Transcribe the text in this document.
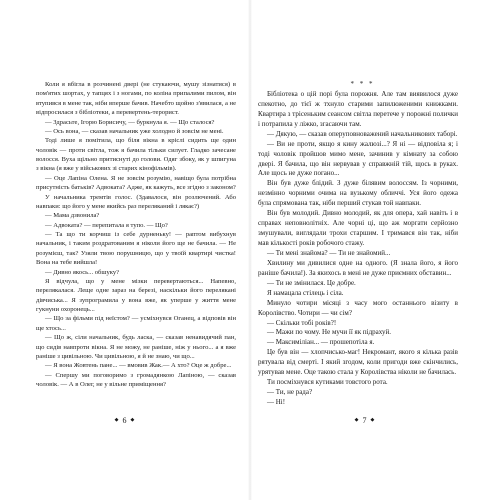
Коли я вбігла в розчинені двері (не стукаючи, мушу зізнатися) в пом'ятих шортах, у тапцях і з ногами, по коліна припалими пилом, він втупився в мене так, ніби вперше бачив. Начебто щойно з'явилася, а не відпросилася з бібліотеки, а перевертень-терорист.

— Здрасьте, Ігорю Борисичу, — буркнула я. — Що сталося?

— Ось вона, — сказав начальник уже холодно й зовсім не мені.

Тоді лише я помітила, що біля вікна в кріслі сидить ще один чоловік — проти світла, тож я бачила тільки силует. Гладко зачесане волосся. Вуха щільно притиснуті до голови. Одяг збоку, як у шпигуна з вікна (я вже у військових зі старих кінофільмів).

— Оце Лапіна Олена. Я не зовсім розумію, навіщо була потрібна присутність батьків? Адвоката? Адже, як кажуть, все згідно з законом?

У начальника тремтів голос. (Здавалося, він розлючений. Або навпаки: що його у мене якийсь раз переляканий і лякає?)

— Мама дзвонила?

— Адвоката? — перепитала я тупо. — Що?

— Та що ти корчиш із себе дурненьку! — раптом вибухнув начальник, і таким роздратованим я ніколи його ще не бачила. — Не розумієш, так? Узяли твою порушницю, що у твоїй квартирі чистка! Вона на тебе вийшла!

— Дивно якось... обшуку?

Я відчула, що у мене мізки перевертаються... Напевно, перелякалася. Леще одне зараз на березі, наскільки його перелякані дівчиська... Я зупрограмила у вона вже, як уперше у життя мене гукнуни охоронець...

— Що за фільми під неїстом? — усміхнувся Оганец, а відповів він ще хтось...

— Що ж, сіли начальник, будь ласка, — сказав ненавидячий пан, що сидів навпроти вікна. Я не можу, не раніше, ніж у нього... а я вже раніше з цивільною. Чи цивільною, я й не знаю, чи що...

— Я вона Жовтень пане... — вмовив Жак.— А хто? Оце ж добре...

— Спершу ми поговоримо з громадянкою Лапіною, — сказав чоловік. — А в Олег, не у вільне приміщення?

◆ 6 ◆

* * *

Бібліотека о цій порі була порожня. Але там виявилося дуже спекотно, до тієї ж тхнуло старими запилюженими книжками. Квартира з трісеньким сеансом світла перетече у порожні полички і потрапила у ліжко, згасаючи там.

— Дякую, — сказав оперуповноважений начальникових таборі.

— Ви не проти, якщо я кину жалюзі...? Я ні — відповіла я; і тоді чоловік пройшов мимо мене, зачинив у кімнату за собою двері. Я бачила, що він нервував у справжній тій, щось в руках. Але щось не дуже погано...

Він був дуже блідий. З дуже білявим волоссям. Із чорними, незмінно чорними очима на вузькому обличчі. Уся його одежа була спрямована так, ніби перший стукав той навпаки.

Він був молодий. Дивно молодий, як для опера, хай навіть і в справах неповнолітніх. Але чорні ці, що аж моргати серйозно змушували, виглядали трохи старшим. І тримався він так, ніби мав кількості років робочого стажу.

— Ти мені знайома? — Ти не знайомий...

Хвилину ми дивилися одне на одного. (Я знала його, я його раніше бачила!). За якихось в мені не дуже приємних обставин...

— Ти не змінилася. Це добре.

Я намацала стілець і сіла.

Минуло чотири місяці з часу мого останнього візиту в Королівство. Чотири — чи сім?

— Скільки тобі років?!

— Мажи по чому. Не мучи її як підрахуй.

— Максиміліан... — прошепотіла я.

Це був він — хлопчисько-маг! Некромант, якого я кілька разів рятувала від смерті. І який згодом, коли пригоди вже скінчились, урятував мене. Оце такою стала у Королівства ніколи не бачилась.

Ти посміхнувся кутиками товстого рота.

— Ти, не рада?

— Ні!

◆ 7 ◆
